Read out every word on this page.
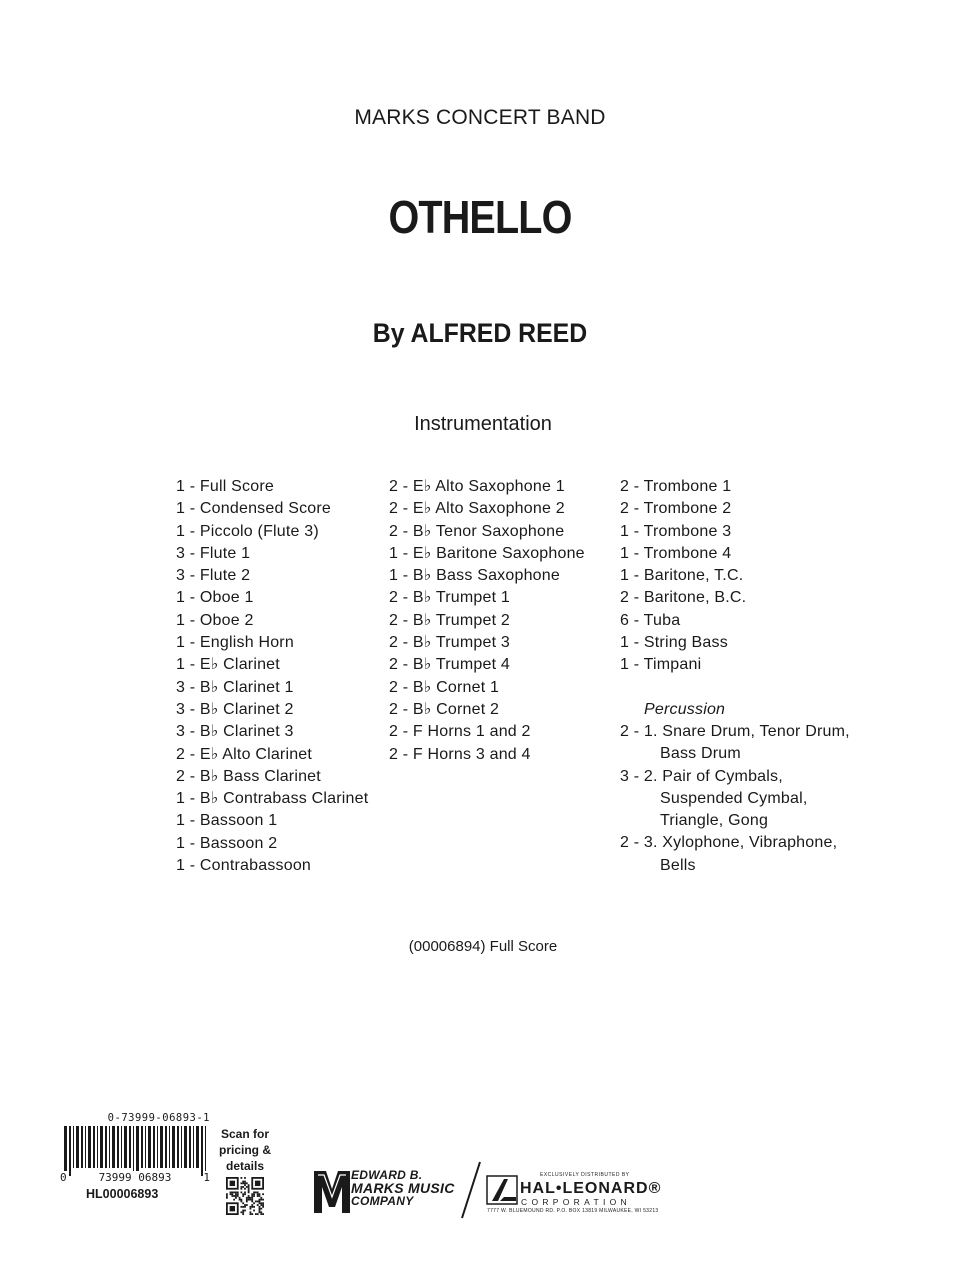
MARKS CONCERT BAND
OTHELLO
By ALFRED REED
Instrumentation
1 - Full Score
1 - Condensed Score
1 - Piccolo (Flute 3)
3 - Flute 1
3 - Flute 2
1 - Oboe 1
1 - Oboe 2
1 - English Horn
1 - E♭ Clarinet
3 - B♭ Clarinet 1
3 - B♭ Clarinet 2
3 - B♭ Clarinet 3
2 - E♭ Alto Clarinet
2 - B♭ Bass Clarinet
1 - B♭ Contrabass Clarinet
1 - Bassoon 1
1 - Bassoon 2
1 - Contrabassoon
2 - E♭ Alto Saxophone 1
2 - E♭ Alto Saxophone 2
2 - B♭ Tenor Saxophone
1 - E♭ Baritone Saxophone
1 - B♭ Bass Saxophone
2 - B♭ Trumpet 1
2 - B♭ Trumpet 2
2 - B♭ Trumpet 3
2 - B♭ Trumpet 4
2 - B♭ Cornet 1
2 - B♭ Cornet 2
2 - F Horns 1 and 2
2 - F Horns 3 and 4
2 - Trombone 1
2 - Trombone 2
1 - Trombone 3
1 - Trombone 4
1 - Baritone, T.C.
2 - Baritone, B.C.
6 - Tuba
1 - String Bass
1 - Timpani
Percussion
2 - 1. Snare Drum, Tenor Drum, Bass Drum
3 - 2. Pair of Cymbals, Suspended Cymbal, Triangle, Gong
2 - 3. Xylophone, Vibraphone, Bells
(00006894) Full Score
0-73999-06893-1
0	73999 06893	1
HL00006893
Scan for pricing & details
EDWARD B.
MARKS MUSIC
COMPANY
EXCLUSIVELY DISTRIBUTED BY
HAL•LEONARD®
CORPORATION
7777 W. BLUEMOUND RD. P.O. BOX 13819 MILWAUKEE, WI 53213
